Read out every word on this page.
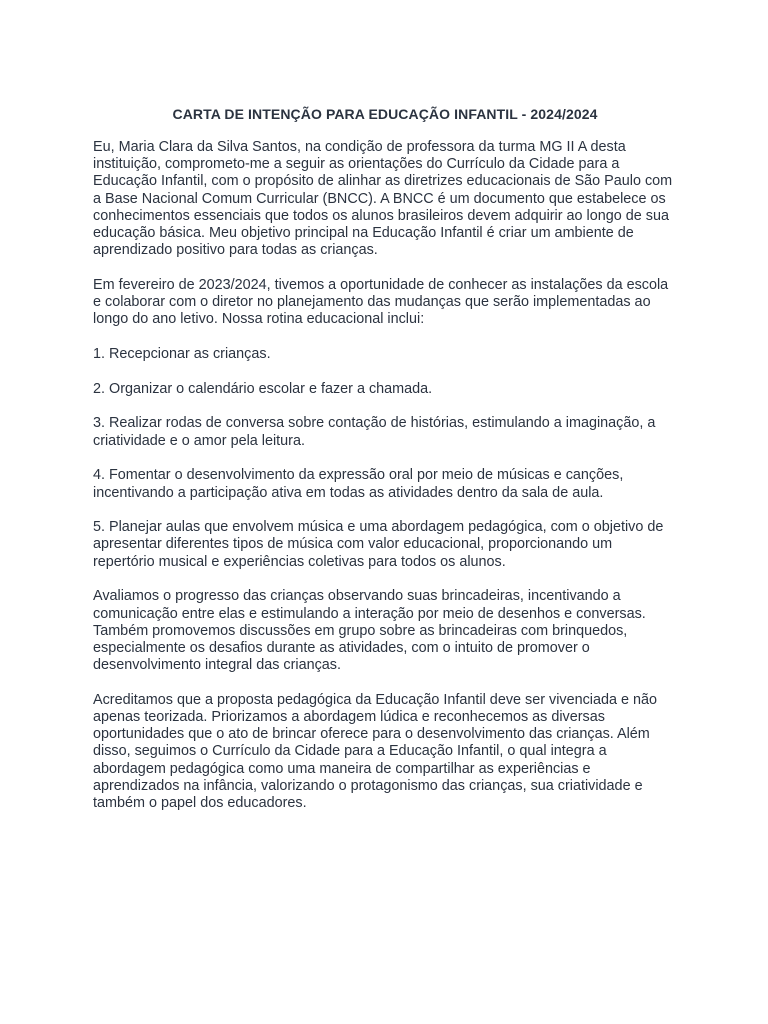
CARTA DE INTENÇÃO PARA EDUCAÇÃO INFANTIL - 2024/2024

Eu, Maria Clara da Silva Santos, na condição de professora da turma MG II A desta instituição, comprometo-me a seguir as orientações do Currículo da Cidade para a Educação Infantil, com o propósito de alinhar as diretrizes educacionais de São Paulo com a Base Nacional Comum Curricular (BNCC). A BNCC é um documento que estabelece os conhecimentos essenciais que todos os alunos brasileiros devem adquirir ao longo de sua educação básica. Meu objetivo principal na Educação Infantil é criar um ambiente de aprendizado positivo para todas as crianças.

Em fevereiro de 2023/2024, tivemos a oportunidade de conhecer as instalações da escola e colaborar com o diretor no planejamento das mudanças que serão implementadas ao longo do ano letivo. Nossa rotina educacional inclui:

1. Recepcionar as crianças.

2. Organizar o calendário escolar e fazer a chamada.

3. Realizar rodas de conversa sobre contação de histórias, estimulando a imaginação, a criatividade e o amor pela leitura.

4. Fomentar o desenvolvimento da expressão oral por meio de músicas e canções, incentivando a participação ativa em todas as atividades dentro da sala de aula.

5. Planejar aulas que envolvem música e uma abordagem pedagógica, com o objetivo de apresentar diferentes tipos de música com valor educacional, proporcionando um repertório musical e experiências coletivas para todos os alunos.

Avaliamos o progresso das crianças observando suas brincadeiras, incentivando a comunicação entre elas e estimulando a interação por meio de desenhos e conversas. Também promovemos discussões em grupo sobre as brincadeiras com brinquedos, especialmente os desafios durante as atividades, com o intuito de promover o desenvolvimento integral das crianças.

Acreditamos que a proposta pedagógica da Educação Infantil deve ser vivenciada e não apenas teorizada. Priorizamos a abordagem lúdica e reconhecemos as diversas oportunidades que o ato de brincar oferece para o desenvolvimento das crianças. Além disso, seguimos o Currículo da Cidade para a Educação Infantil, o qual integra a abordagem pedagógica como uma maneira de compartilhar as experiências e aprendizados na infância, valorizando o protagonismo das crianças, sua criatividade e também o papel dos educadores.
